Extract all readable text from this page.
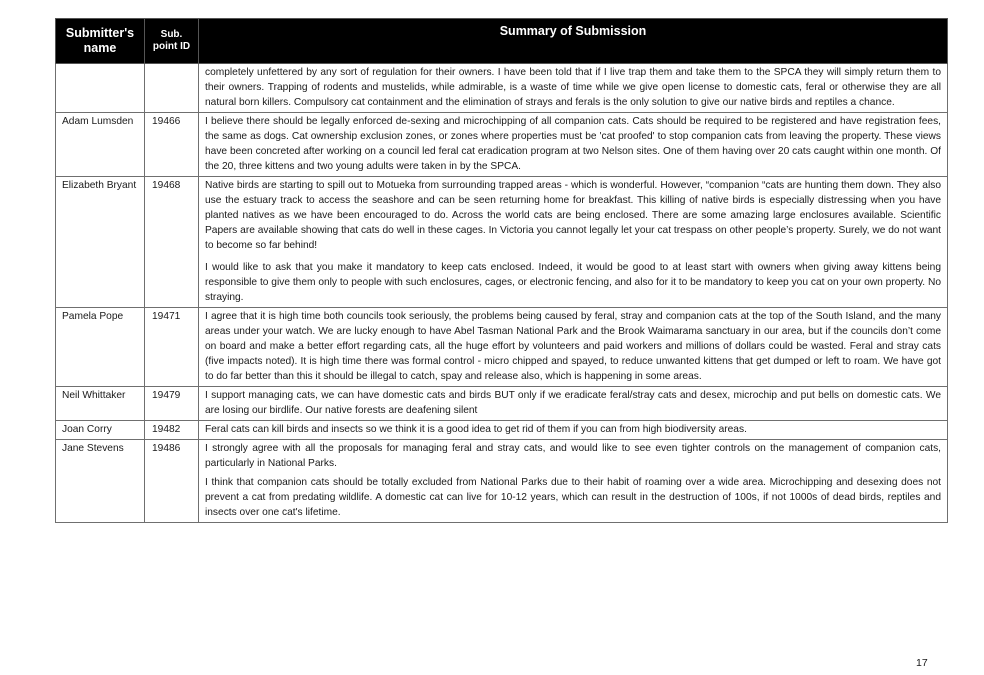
Submitter's name	Sub. point ID	Summary of Submission

		completely unfettered by any sort of regulation for their owners. I have been told that if I live trap them and take them to the SPCA they will simply return them to their owners. Trapping of rodents and mustelids, while admirable, is a waste of time while we give open license to domestic cats, feral or otherwise they are all natural born killers. Compulsory cat containment and the elimination of strays and ferals is the only solution to give our native birds and reptiles a chance.

Adam Lumsden	19466	I believe there should be legally enforced de-sexing and microchipping of all companion cats. Cats should be required to be registered and have registration fees, the same as dogs. Cat ownership exclusion zones, or zones where properties must be 'cat proofed' to stop companion cats from leaving the property. These views have been concreted after working on a council led feral cat eradication program at two Nelson sites. One of them having over 20 cats caught within one month. Of the 20, three kittens and two young adults were taken in by the SPCA.

Elizabeth Bryant	19468	Native birds are starting to spill out to Motueka from surrounding trapped areas - which is wonderful. However, “companion “cats are hunting them down. They also use the estuary track to access the seashore and can be seen returning home for breakfast. This killing of native birds is especially distressing when you have planted natives as we have been encouraged to do. Across the world cats are being enclosed. There are some amazing large enclosures available. Scientific Papers are available showing that cats do well in these cages. In Victoria you cannot legally let your cat trespass on other people’s property. Surely, we do not want to become so far behind!

I would like to ask that you make it mandatory to keep cats enclosed. Indeed, it would be good to at least start with owners when giving away kittens being responsible to give them only to people with such enclosures, cages, or electronic fencing, and also for it to be mandatory to keep you cat on your own property. No straying.

Pamela Pope	19471	I agree that it is high time both councils took seriously, the problems being caused by feral, stray and companion cats at the top of the South Island, and the many areas under your watch. We are lucky enough to have Abel Tasman National Park and the Brook Waimarama sanctuary in our area, but if the councils don’t come on board and make a better effort regarding cats, all the huge effort by volunteers and paid workers and millions of dollars could be wasted. Feral and stray cats (five impacts noted). It is high time there was formal control - micro chipped and spayed, to reduce unwanted kittens that get dumped or left to roam. We have got to do far better than this it should be illegal to catch, spay and release also, which is happening in some areas.

Neil Whittaker	19479	I support managing cats, we can have domestic cats and birds BUT only if we eradicate feral/stray cats and desex, microchip and put bells on domestic cats. We are losing our birdlife. Our native forests are deafening silent

Joan Corry	19482	Feral cats can kill birds and insects so we think it is a good idea to get rid of them if you can from high biodiversity areas.

Jane Stevens	19486	I strongly agree with all the proposals for managing feral and stray cats, and would like to see even tighter controls on the management of companion cats, particularly in National Parks.

I think that companion cats should be totally excluded from National Parks due to their habit of roaming over a wide area. Microchipping and desexing does not prevent a cat from predating wildlife. A domestic cat can live for 10-12 years, which can result in the destruction of 100s, if not 1000s of dead birds, reptiles and insects over one cat's lifetime.

17
